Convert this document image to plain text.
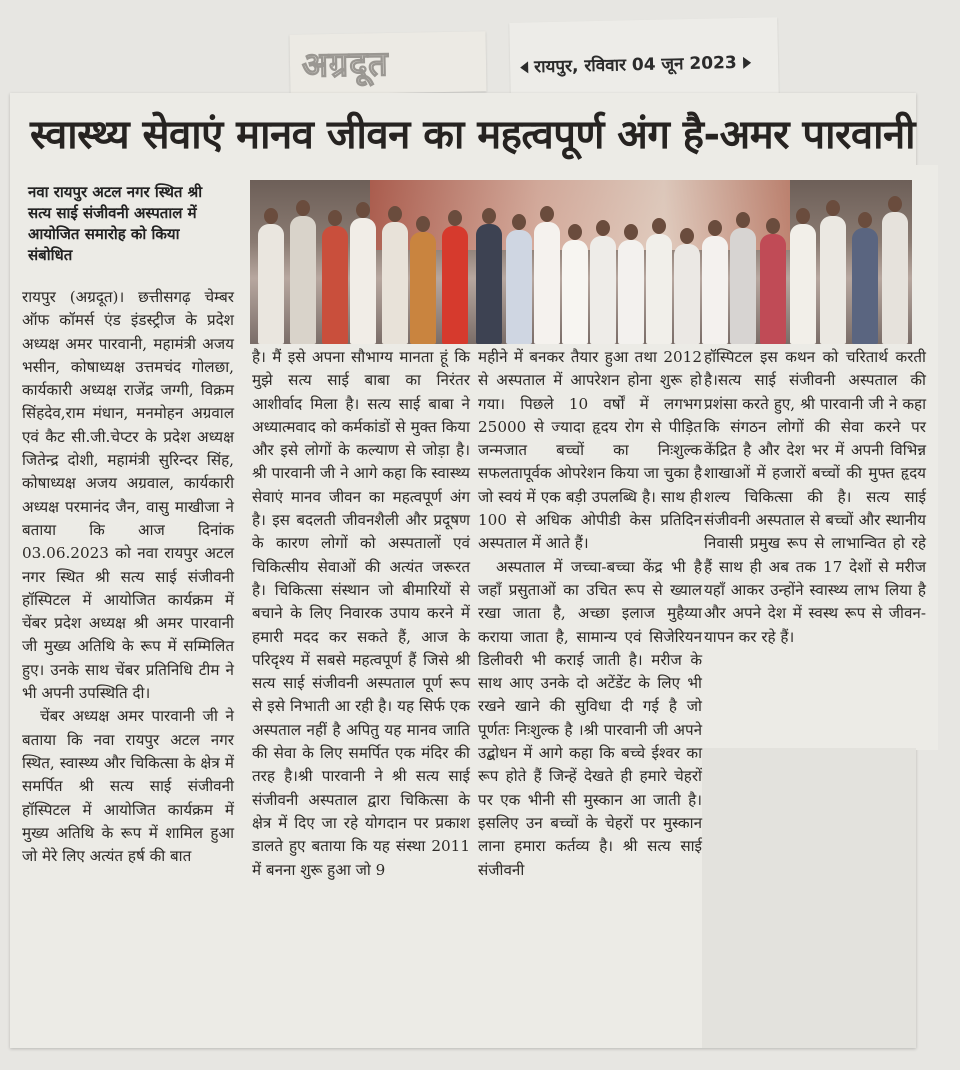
अग्रदूत	रायपुर, रविवार 04 जून 2023
स्वास्थ्य सेवाएं मानव जीवन का महत्वपूर्ण अंग है-अमर पारवानी
नवा रायपुर अटल नगर स्थित श्री सत्य साई संजीवनी अस्पताल में आयोजित समारोह को किया संबोधित

रायपुर (अग्रदूत)। छत्तीसगढ़ चेम्बर ऑफ कॉमर्स एंड इंडस्ट्रीज के प्रदेश अध्यक्ष अमर पारवानी, महामंत्री अजय भसीन, कोषाध्यक्ष उत्तमचंद गोलछा, कार्यकारी अध्यक्ष राजेंद्र जग्गी, विक्रम सिंहदेव,राम मंधान, मनमोहन अग्रवाल एवं कैट सी.जी.चेप्टर के प्रदेश अध्यक्ष जितेन्द्र दोशी, महामंत्री सुरिन्दर सिंह, कोषाध्यक्ष अजय अग्रवाल, कार्यकारी अध्यक्ष परमानंद जैन, वासु माखीजा ने बताया कि आज दिनांक 03.06.2023 को नवा रायपुर अटल नगर स्थित श्री सत्य साई संजीवनी हॉस्पिटल में आयोजित कार्यक्रम में चेंबर प्रदेश अध्यक्ष श्री अमर पारवानी जी मुख्य अतिथि के रूप में सम्मिलित हुए। उनके साथ चेंबर प्रतिनिधि टीम ने भी अपनी उपस्थिति दी।

चेंबर अध्यक्ष अमर पारवानी जी ने बताया कि नवा रायपुर अटल नगर स्थित, स्वास्थ्य और चिकित्सा के क्षेत्र में समर्पित श्री सत्य साई संजीवनी हॉस्पिटल में आयोजित कार्यक्रम में मुख्य अतिथि के रूप में शामिल हुआ जो मेरे लिए अत्यंत हर्ष की बात

है। मैं इसे अपना सौभाग्य मानता हूं कि मुझे सत्य साई बाबा का निरंतर आशीर्वाद मिला है। सत्य साई बाबा ने अध्यात्मवाद को कर्मकांडों से मुक्त किया और इसे लोगों के कल्याण से जोड़ा है।श्री पारवानी जी ने आगे कहा कि स्वास्थ्य सेवाएं मानव जीवन का महत्वपूर्ण अंग है। इस बदलती जीवनशैली और प्रदूषण के कारण लोगों को अस्पतालों एवं चिकित्सीय सेवाओं की अत्यंत जरूरत है। चिकित्सा संस्थान जो बीमारियों से बचाने के लिए निवारक उपाय करने में हमारी मदद कर सकते हैं, आज के परिदृश्य में सबसे महत्वपूर्ण हैं जिसे श्री सत्य साई संजीवनी अस्पताल पूर्ण रूप से इसे निभाती आ रही है। यह सिर्फ एक अस्पताल नहीं है अपितु यह मानव जाति की सेवा के लिए समर्पित एक मंदिर की तरह है।श्री पारवानी ने श्री सत्य साई संजीवनी अस्पताल द्वारा चिकित्सा के क्षेत्र में दिए जा रहे योगदान पर प्रकाश डालते हुए बताया कि यह संस्था 2011 में बनना शुरू हुआ जो 9

महीने में बनकर तैयार हुआ तथा 2012 से अस्पताल में आपरेशन होना शुरू हो गया। पिछले 10 वर्षों में लगभग 25000 से ज्यादा हृदय रोग से पीड़ित जन्मजात बच्चों का निःशुल्क सफलतापूर्वक ओपरेशन किया जा चुका है जो स्वयं में एक बड़ी उपलब्धि है। साथ ही 100 से अधिक ओपीडी केस प्रतिदिन अस्पताल में आते हैं।

अस्पताल में जच्चा-बच्चा केंद्र भी है जहाँ प्रसुताओं का उचित रूप से ख्याल रखा जाता है, अच्छा इलाज मुहैय्या कराया जाता है, सामान्य एवं सिजेरियन डिलीवरी भी कराई जाती है। मरीज के साथ आए उनके दो अटेंडेंट के लिए भी रखने खाने की सुविधा दी गई है जो पूर्णतः निःशुल्क है ।श्री पारवानी जी अपने उद्बोधन में आगे कहा कि बच्चे ईश्वर का रूप होते हैं जिन्हें देखते ही हमारे चेहरों पर एक भीनी सी मुस्कान आ जाती है। इसलिए उन बच्चों के चेहरों पर मुस्कान लाना हमारा कर्तव्य है। श्री सत्य साई संजीवनी

हॉस्पिटल इस कथन को चरितार्थ करती है।सत्य साई संजीवनी अस्पताल की प्रशंसा करते हुए, श्री पारवानी जी ने कहा कि संगठन लोगों की सेवा करने पर केंद्रित है और देश भर में अपनी विभिन्न शाखाओं में हजारों बच्चों की मुफ्त हृदय शल्य चिकित्सा की है। सत्य साई संजीवनी अस्पताल से बच्चों और स्थानीय निवासी प्रमुख रूप से लाभान्वित हो रहे हैं साथ ही अब तक 17 देशों से मरीज यहाँ आकर उन्होंने स्वास्थ्य लाभ लिया है और अपने देश में स्वस्थ रूप से जीवन-यापन कर रहे हैं।
